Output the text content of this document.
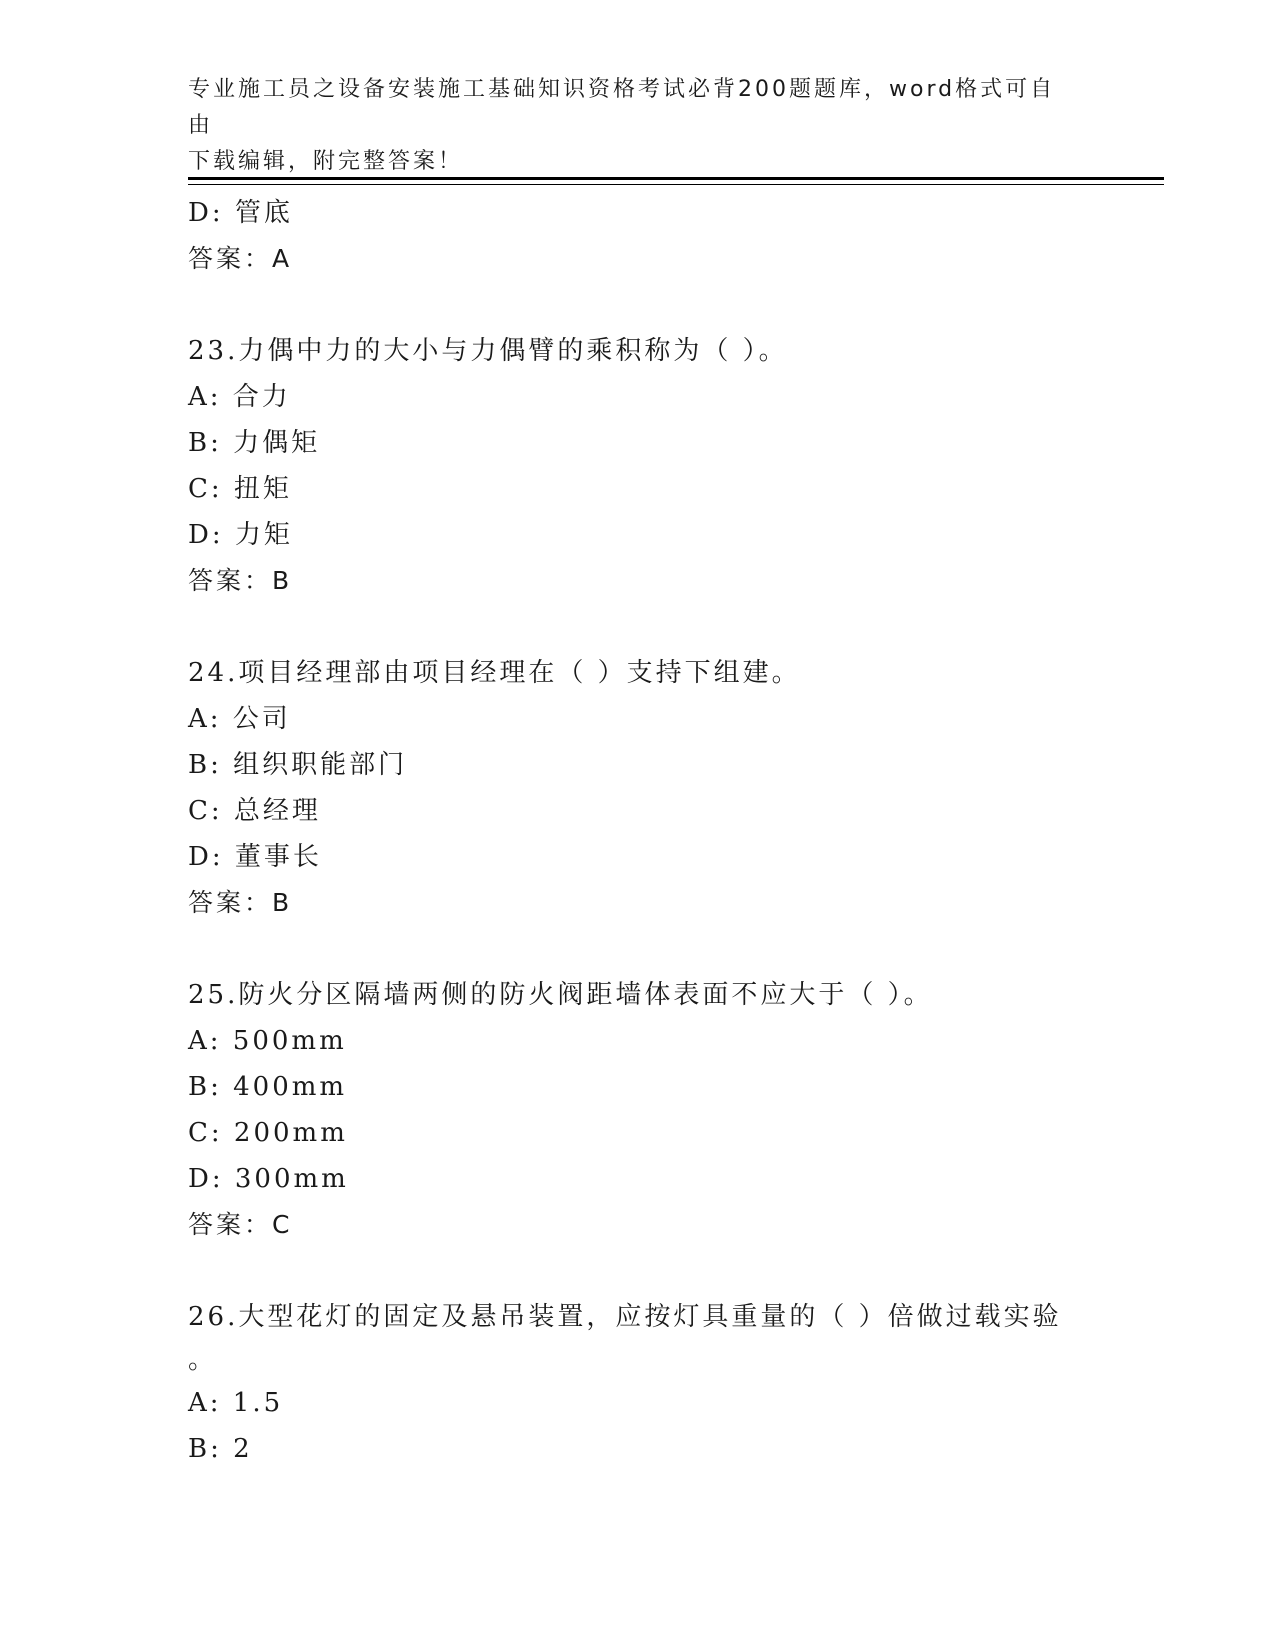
专业施工员之设备安装施工基础知识资格考试必背200题题库，word格式可自由
下载编辑，附完整答案！
D: 管底
答案：A
23.力偶中力的大小与力偶臂的乘积称为（ ）。
A: 合力
B: 力偶矩
C: 扭矩
D: 力矩
答案：B
24.项目经理部由项目经理在（ ）支持下组建。
A: 公司
B: 组织职能部门
C: 总经理
D: 董事长
答案：B
25.防火分区隔墙两侧的防火阀距墙体表面不应大于（ ）。
A: 500mm
B: 400mm
C: 200mm
D: 300mm
答案：C
26.大型花灯的固定及悬吊装置，应按灯具重量的（ ）倍做过载实验
。
A: 1.5
B: 2
